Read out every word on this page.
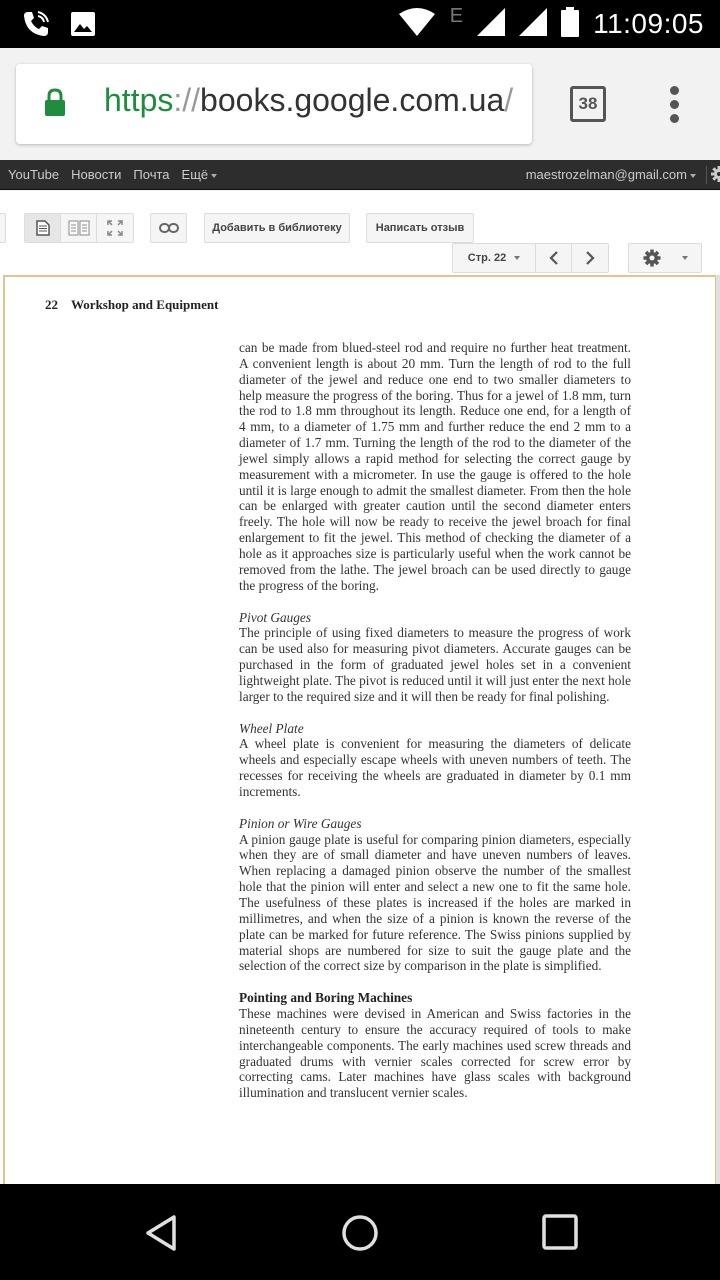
E	11:09:05
https://books.google.com.ua/	38
YouTube Новости Почта Ещё	maestrozelman@gmail.com
Добавить в библиотеку	Написать отзыв
Стр. 22
22 Workshop and Equipment

can be made from blued-steel rod and require no further heat treatment. A convenient length is about 20 mm. Turn the length of rod to the full diameter of the jewel and reduce one end to two smaller diameters to help measure the progress of the boring. Thus for a jewel of 1.8 mm, turn the rod to 1.8 mm throughout its length. Reduce one end, for a length of 4 mm, to a diameter of 1.75 mm and further reduce the end 2 mm to a diameter of 1.7 mm. Turning the length of the rod to the diameter of the jewel simply allows a rapid method for selecting the correct gauge by measurement with a micrometer. In use the gauge is offered to the hole until it is large enough to admit the smallest diameter. From then the hole can be enlarged with greater caution until the second diameter enters freely. The hole will now be ready to receive the jewel broach for final enlargement to fit the jewel. This method of checking the diameter of a hole as it approaches size is particularly useful when the work cannot be removed from the lathe. The jewel broach can be used directly to gauge the progress of the boring.

Pivot Gauges

The principle of using fixed diameters to measure the progress of work can be used also for measuring pivot diameters. Accurate gauges can be purchased in the form of graduated jewel holes set in a convenient lightweight plate. The pivot is reduced until it will just enter the next hole larger to the required size and it will then be ready for final polishing.

Wheel Plate

A wheel plate is convenient for measuring the diameters of delicate wheels and especially escape wheels with uneven numbers of teeth. The recesses for receiving the wheels are graduated in diameter by 0.1 mm increments.

Pinion or Wire Gauges

A pinion gauge plate is useful for comparing pinion diameters, especially when they are of small diameter and have uneven numbers of leaves. When replacing a damaged pinion observe the number of the smallest hole that the pinion will enter and select a new one to fit the same hole. The usefulness of these plates is increased if the holes are marked in millimetres, and when the size of a pinion is known the reverse of the plate can be marked for future reference. The Swiss pinions supplied by material shops are numbered for size to suit the gauge plate and the selection of the correct size by comparison in the plate is simplified.

Pointing and Boring Machines

These machines were devised in American and Swiss factories in the nineteenth century to ensure the accuracy required of tools to make interchangeable components. The early machines used screw threads and graduated drums with vernier scales corrected for screw error by correcting cams. Later machines have glass scales with background illumination and translucent vernier scales.
